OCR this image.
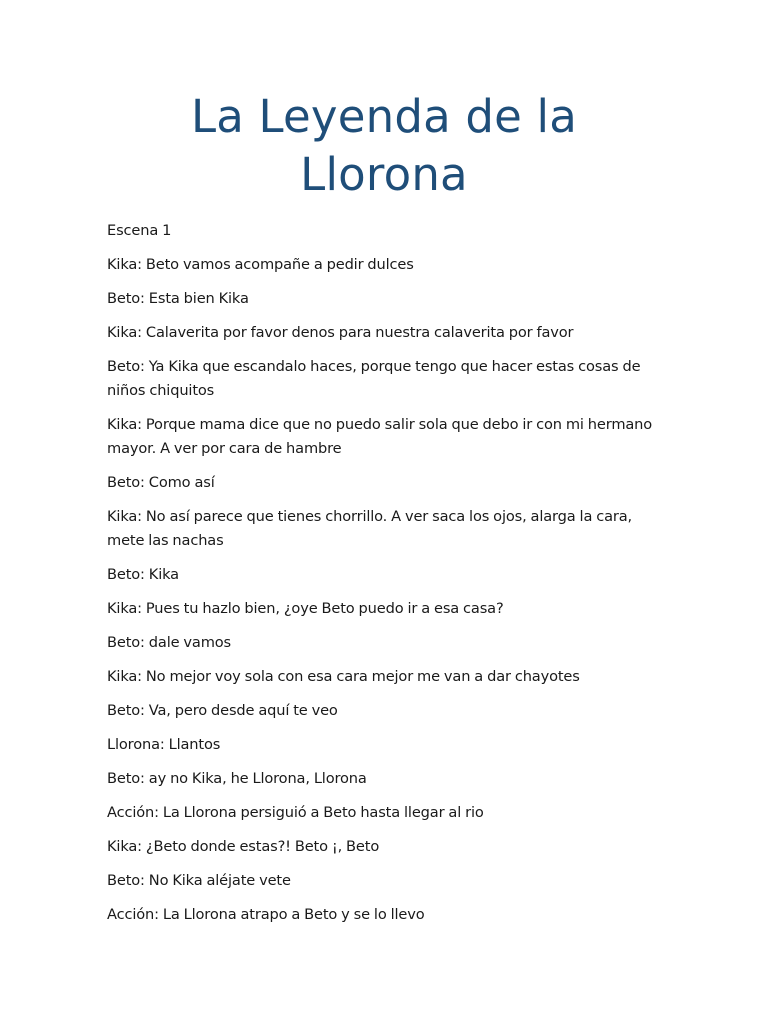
La Leyenda de la Llorona

Escena 1

Kika: Beto vamos acompañe a pedir dulces

Beto: Esta bien Kika

Kika: Calaverita por favor denos para nuestra calaverita por favor

Beto: Ya Kika que escandalo haces, porque tengo que hacer estas cosas de niños chiquitos

Kika: Porque mama dice que no puedo salir sola que debo ir con mi hermano mayor. A ver por cara de hambre

Beto: Como así

Kika: No así parece que tienes chorrillo. A ver saca los ojos, alarga la cara, mete las nachas

Beto: Kika

Kika: Pues tu hazlo bien, ¿oye Beto puedo ir a esa casa?

Beto: dale vamos

Kika: No mejor voy sola con esa cara mejor me van a dar chayotes

Beto: Va, pero desde aquí te veo

Llorona: Llantos

Beto: ay no Kika, he Llorona, Llorona

Acción: La Llorona persiguió a Beto hasta llegar al rio

Kika: ¿Beto donde estas?! Beto ¡, Beto

Beto: No Kika aléjate vete

Acción: La Llorona atrapo a Beto y se lo llevo
